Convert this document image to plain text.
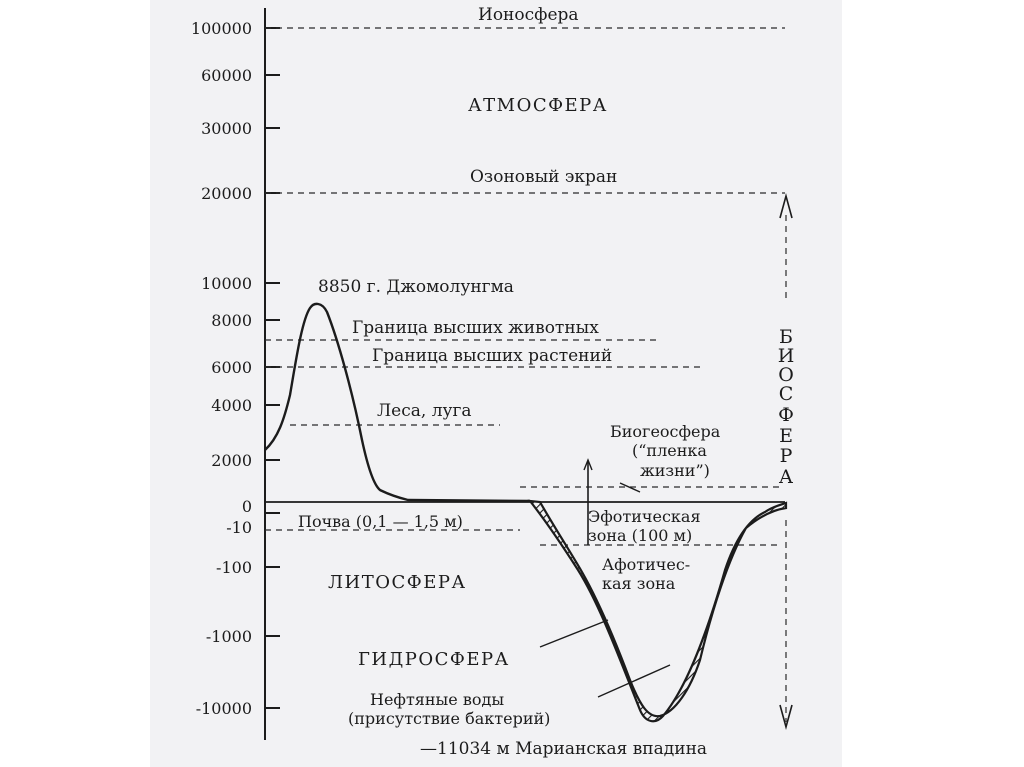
100000
60000
30000
20000
10000
8000
6000
4000
2000
0
-10
-100
-1000
-10000
Ионосфера
АТМОСФЕРА
Озоновый экран
8850 г. Джомолунгма
Граница высших животных
Граница высших растений
Леса, луга
Биогеосфера
(“пленка
жизни”)
Эфотическая
зона (100 м)
Афотичес-
кая зона
Почва (0,1 — 1,5 м)
ЛИТОСФЕРА
ГИДРОСФЕРА
Нефтяные воды
(присутствие бактерий)
—11034 м Марианская впадина
Б
И
О
С
Ф
Е
Р
А
